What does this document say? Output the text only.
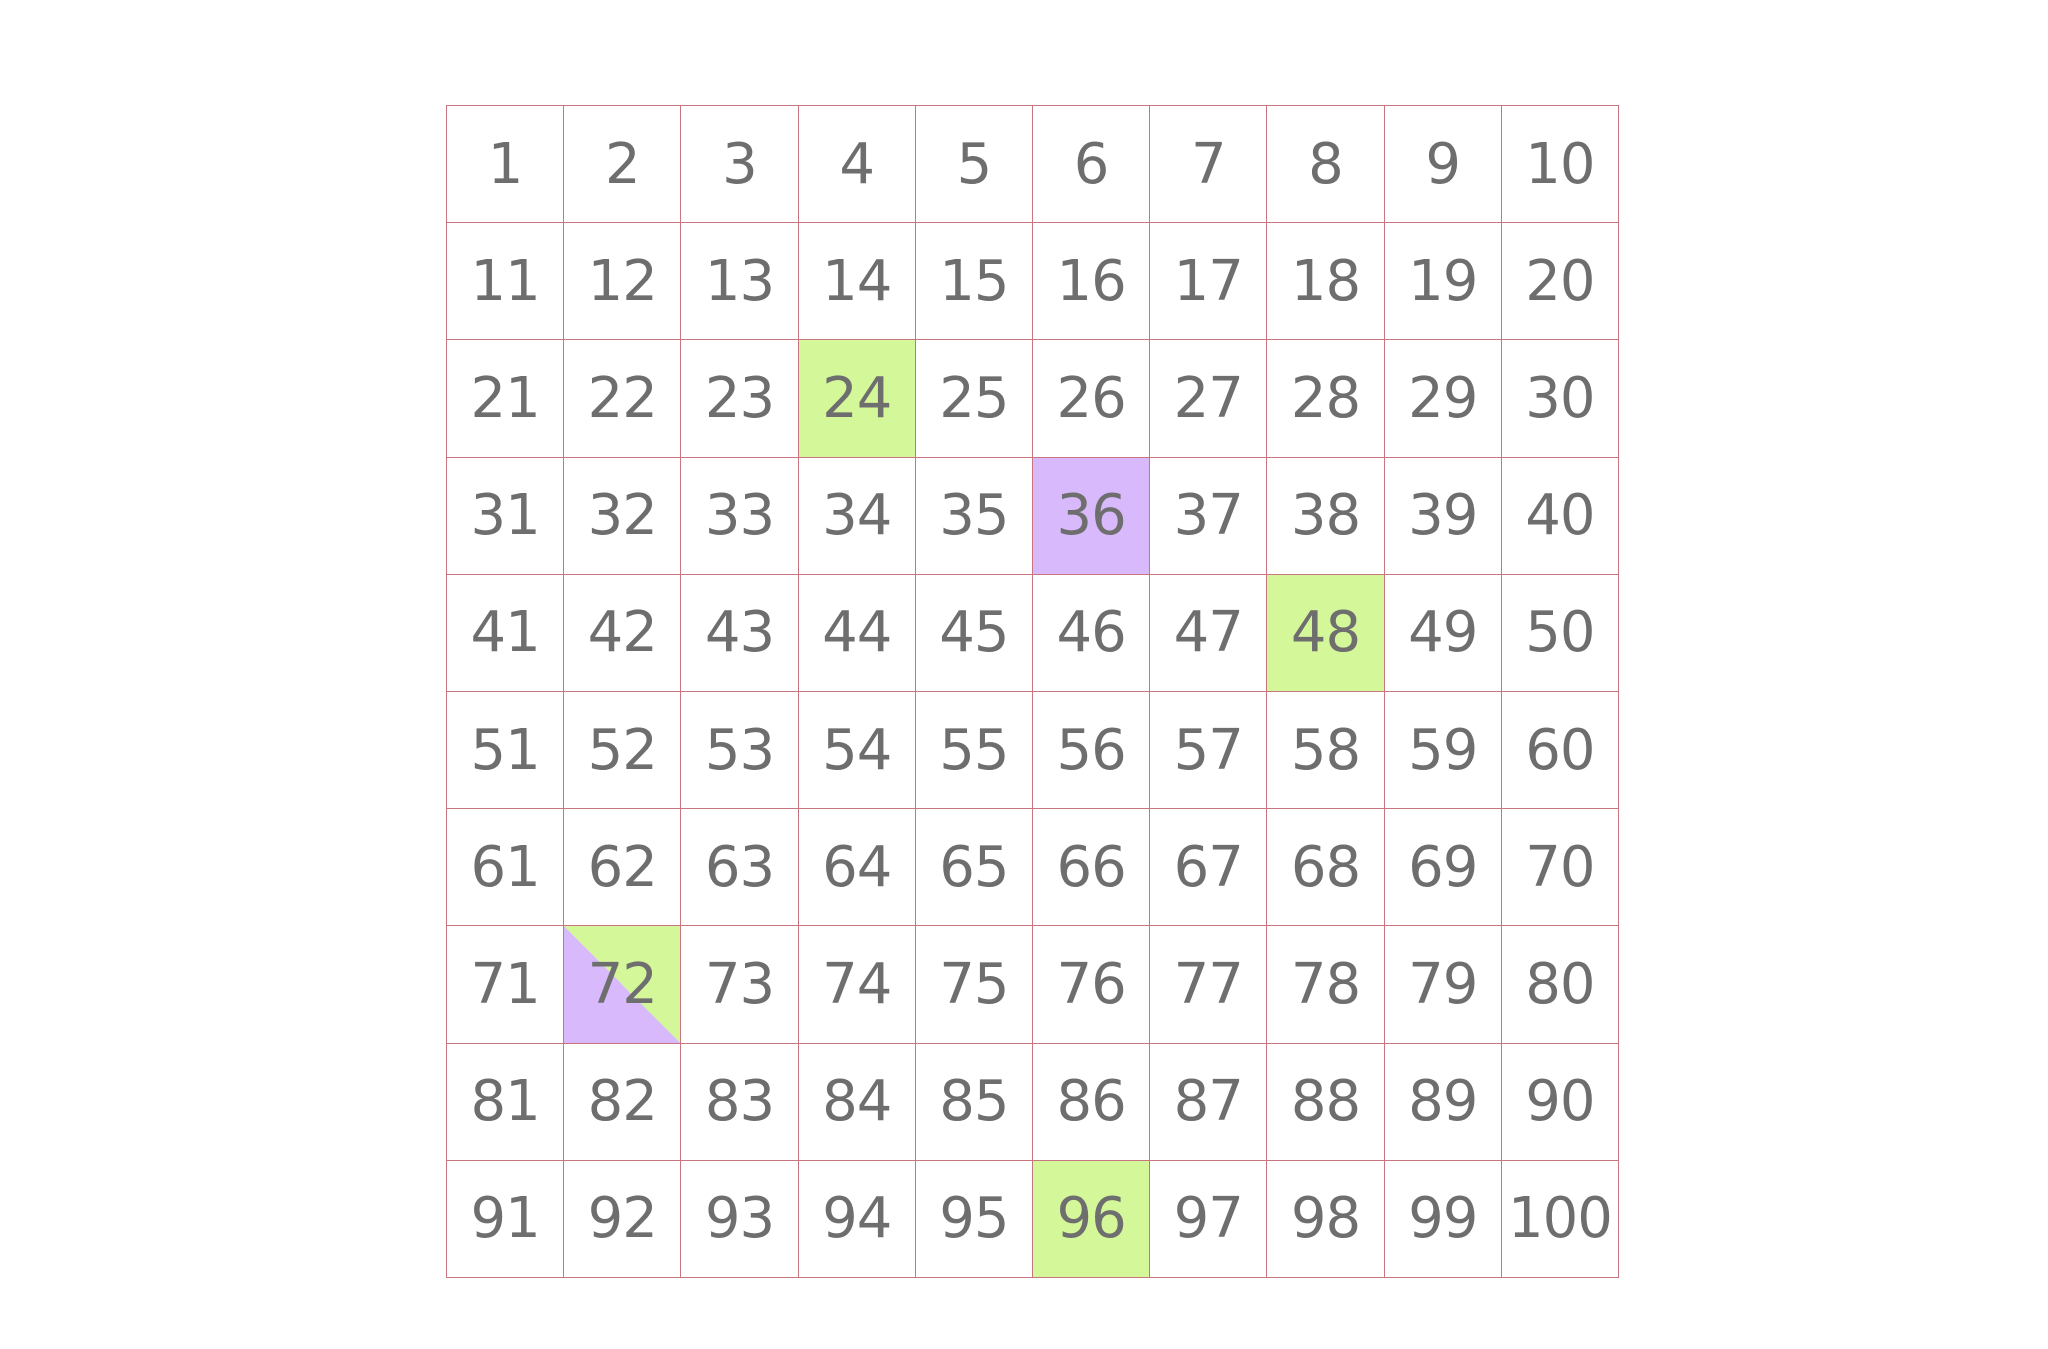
1 2 3 4 5 6 7 8 9 10
11 12 13 14 15 16 17 18 19 20
21 22 23 24 25 26 27 28 29 30
31 32 33 34 35 36 37 38 39 40
41 42 43 44 45 46 47 48 49 50
51 52 53 54 55 56 57 58 59 60
61 62 63 64 65 66 67 68 69 70
71 72 73 74 75 76 77 78 79 80
81 82 83 84 85 86 87 88 89 90
91 92 93 94 95 96 97 98 99 100
